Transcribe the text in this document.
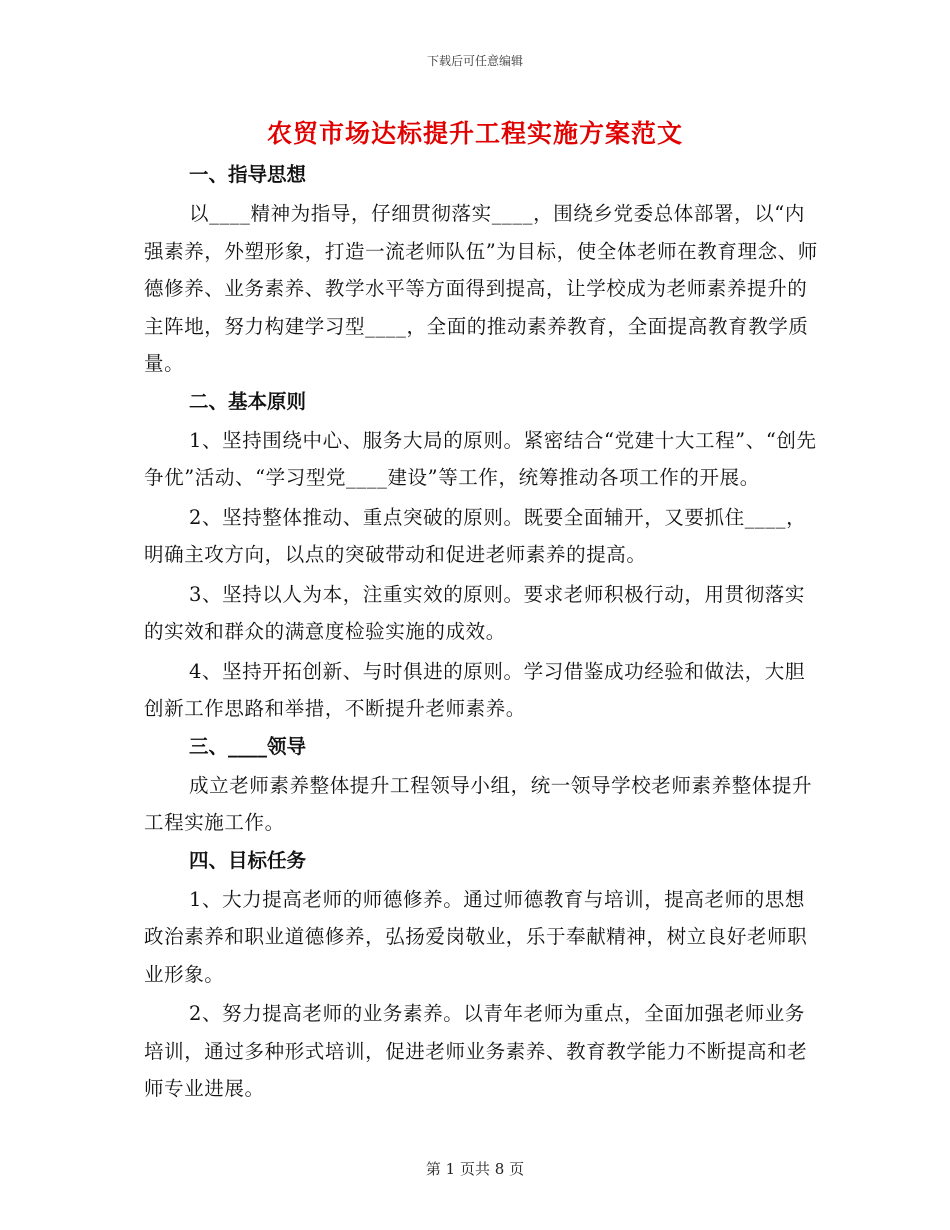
下载后可任意编辑
农贸市场达标提升工程实施方案范文
一、指导思想

以____精神为指导，仔细贯彻落实____，围绕乡党委总体部署，以“内强素养，外塑形象，打造一流老师队伍”为目标，使全体老师在教育理念、师德修养、业务素养、教学水平等方面得到提高，让学校成为老师素养提升的主阵地，努力构建学习型____，全面的推动素养教育，全面提高教育教学质量。

二、基本原则

1、坚持围绕中心、服务大局的原则。紧密结合“党建十大工程”、“创先争优”活动、“学习型党____建设”等工作，统筹推动各项工作的开展。

2、坚持整体推动、重点突破的原则。既要全面辅开，又要抓住____，明确主攻方向，以点的突破带动和促进老师素养的提高。

3、坚持以人为本，注重实效的原则。要求老师积极行动，用贯彻落实的实效和群众的满意度检验实施的成效。

4、坚持开拓创新、与时俱进的原则。学习借鉴成功经验和做法，大胆创新工作思路和举措，不断提升老师素养。

三、____领导

成立老师素养整体提升工程领导小组，统一领导学校老师素养整体提升工程实施工作。

四、目标任务

1、大力提高老师的师德修养。通过师德教育与培训，提高老师的思想政治素养和职业道德修养，弘扬爱岗敬业，乐于奉献精神，树立良好老师职业形象。

2、努力提高老师的业务素养。以青年老师为重点，全面加强老师业务培训，通过多种形式培训，促进老师业务素养、教育教学能力不断提高和老师专业进展。

第 1 页共 8 页
